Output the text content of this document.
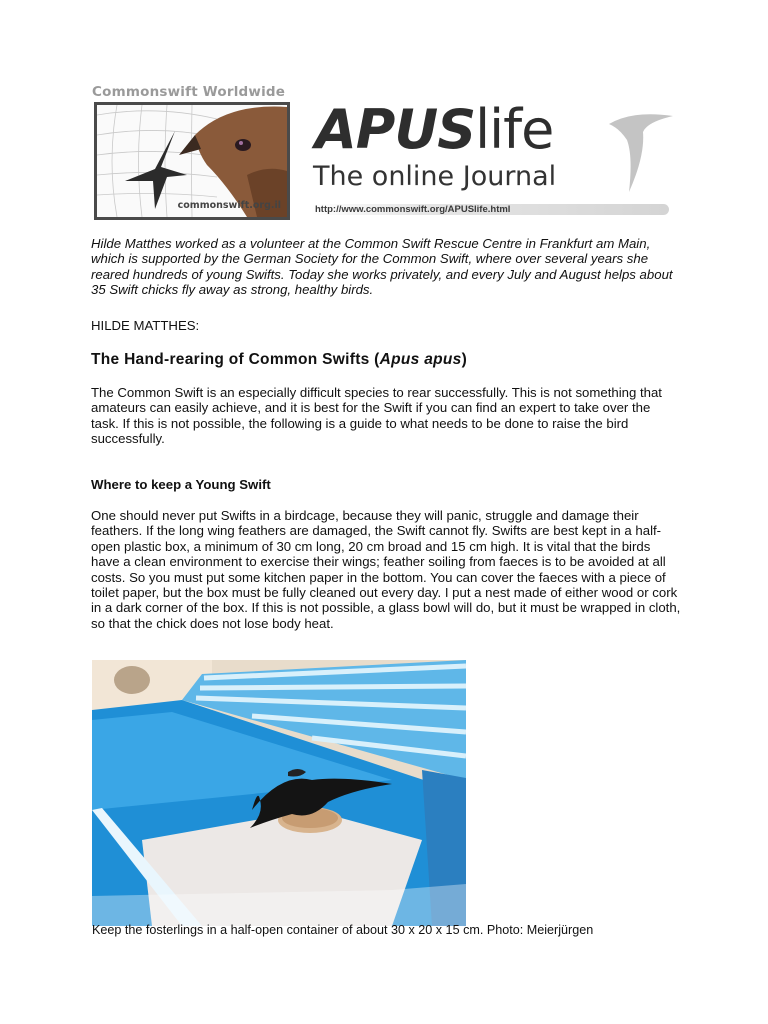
Commonswift Worldwide
commonswift.org.il
APUSlife
The online Journal
http://www.commonswift.org/APUSlife.html

Hilde Matthes worked as a volunteer at the Common Swift Rescue Centre in Frankfurt am Main, which is supported by the German Society for the Common Swift, where over several years she reared hundreds of young Swifts. Today she works privately, and every July and August helps about 35 Swift chicks fly away as strong, healthy birds.

HILDE MATTHES:
The Hand-rearing of Common Swifts (Apus apus)

The Common Swift is an especially difficult species to rear successfully. This is not something that amateurs can easily achieve, and it is best for the Swift if you can find an expert to take over the task. If this is not possible, the following is a guide to what needs to be done to raise the bird successfully.

Where to keep a Young Swift

One should never put Swifts in a birdcage, because they will panic, struggle and damage their feathers. If the long wing feathers are damaged, the Swift cannot fly. Swifts are best kept in a half-open plastic box, a minimum of 30 cm long, 20 cm broad and 15 cm high. It is vital that the birds have a clean environment to exercise their wings; feather soiling from faeces is to be avoided at all costs. So you must put some kitchen paper in the bottom. You can cover the faeces with a piece of toilet paper, but the box must be fully cleaned out every day. I put a nest made of either wood or cork in a dark corner of the box. If this is not possible, a glass bowl will do, but it must be wrapped in cloth, so that the chick does not lose body heat.

Keep the fosterlings in a half-open container of about 30 x 20 x 15 cm. Photo: Meierjürgen
